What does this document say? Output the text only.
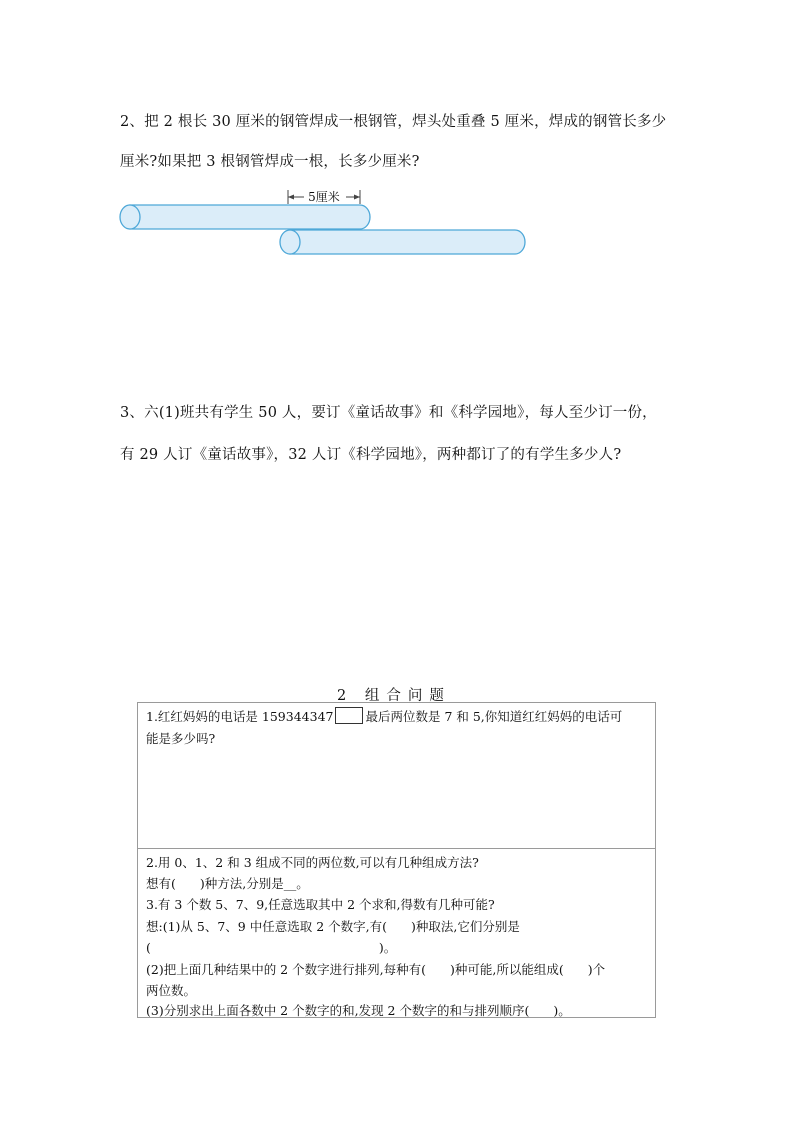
2、把 2 根长 30 厘米的钢管焊成一根钢管，焊头处重叠 5 厘米，焊成的钢管长多少
厘米?如果把 3 根钢管焊成一根，长多少厘米?
5厘米
3、六(1)班共有学生 50 人，要订《童话故事》和《科学园地》，每人至少订一份，
有 29 人订《童话故事》，32 人订《科学园地》，两种都订了的有学生多少人?
2 组合问题
1.红红妈妈的电话是 159344347	最后两位数是 7 和 5,你知道红红妈妈的电话可
能是多少吗?
2.用 0、1、2 和 3 组成不同的两位数,可以有几种组成方法?
想有( )种方法,分别是__。
3.有 3 个数 5、7、9,任意选取其中 2 个求和,得数有几种可能?
想:(1)从 5、7、9 中任意选取 2 个数字,有( )种取法,它们分别是
(	)。
(2)把上面几种结果中的 2 个数字进行排列,每种有( )种可能,所以能组成( )个
两位数。
(3)分别求出上面各数中 2 个数字的和,发现 2 个数字的和与排列顺序( )。
